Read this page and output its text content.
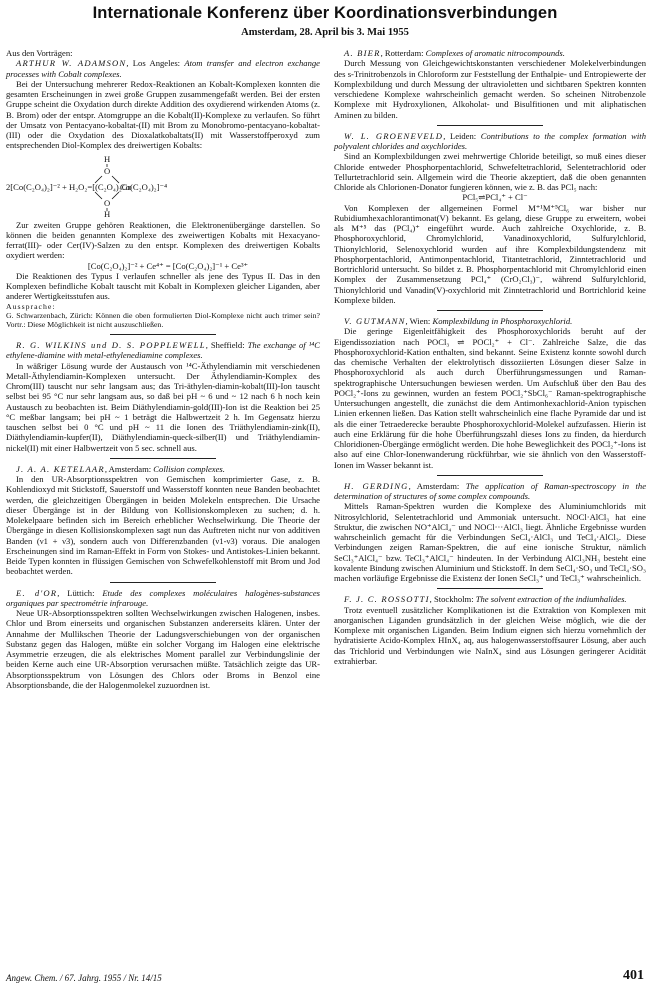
Internationale Konferenz über Koordinationsverbindungen
Amsterdam, 28. April bis 3. Mai 1955

Aus den Vorträgen:

ARTHUR W. ADAMSON, Los Angeles: Atom transfer and electron exchange processes with Cobalt complexes.

Bei der Untersuchung mehrerer Redox-Reaktionen an Kobalt-Komplexen konnten die gesamten Erscheinungen in zwei große Gruppen zusammengefaßt werden. Bei der ersten Gruppe scheint die Oxydation durch direkte Addition des oxydierend wirkenden Atoms (z. B. Brom) oder der entspr. Atomgruppe an die Kobalt(II)-Komplexe zu verlaufen. So führt der Umsatz von Pentacyano-kobaltat-(II) mit Brom zu Monobromo-pentacyano-kobaltat-(III) oder die Oxydation des Dioxalatkobaltats(II) mit Wasserstoffperoxyd zum entsprechenden Diol-Komplex des dreiwertigen Kobalts:

H
O
2[Co(C₂O₄)₂]⁻² + H₂O₂=[(C₂O₄)₂Co
Co(C₂O₄)₂]⁻⁴
O
H

Zur zweiten Gruppe gehören Reaktionen, die Elektronenübergänge darstellen. So können die beiden genannten Komplexe des zweiwertigen Kobalts mit Hexacyano-ferrat(III)- oder Cer(IV)-Salzen zu den entspr. Komplexen des dreiwertigen Kobalts oxydiert werden:

[Co(C₂O₄)₂]⁻² + Ce⁴⁺ = [Co(C₂O₄)₂]⁻¹ + Ce³⁺

Die Reaktionen des Typus I verlaufen schneller als jene des Typus II. Das in den Komplexen befindliche Kobalt tauscht mit Kobalt in Komplexen gleicher Liganden, aber anderer Wertigkeitsstufen aus.

Aussprache:

G. Schwarzenbach, Zürich: Können die oben formulierten Diol-Komplexe nicht auch trimer sein? Vortr.: Diese Möglichkeit ist nicht auszuschließen.

R. G. WILKINS und D. S. POPPLEWELL, Sheffield: The exchange of ¹⁴C ethylene-diamine with metal-ethylenediamine complexes.

In wäßriger Lösung wurde der Austausch von ¹⁴C-Äthylendiamin mit verschiedenen Metall-Äthylendiamin-Komplexen untersucht. Der Äthylendiamin-Komplex des Chrom(III) tauscht nur sehr langsam aus; das Tri-äthylen-diamin-kobalt(III)-Ion tauscht selbst bei 95 °C nur sehr langsam aus, so daß bei pH ~ 6 und ~ 12 nach 6 h noch kein Austausch zu beobachten ist. Beim Diäthylendiamin-gold(III)-Ion ist die Reaktion bei 25 °C meßbar langsam; bei pH ~ 1 beträgt die Halbwertzeit 2 h. Im Gegensatz hierzu tauschen selbst bei 0 °C und pH ~ 11 die Ionen des Triäthylendiamin-zink(II), Diäthylendiamin-kupfer(II), Diäthylendiamin-queck-silber(II) und Triäthylendiamin-nickel(II) mit einer Halbwertzeit von 5 sec. schnell aus.

J. A. A. KETELAAR, Amsterdam: Collision complexes.

In den UR-Absorptionsspektren von Gemischen komprimierter Gase, z. B. Kohlendioxyd mit Stickstoff, Sauerstoff und Wasserstoff konnten neue Banden beobachtet werden, die gleichzeitigen Übergängen in beiden Molekeln entsprechen. Die Ursache dieser Übergänge ist in der Bildung von Kollisionskomplexen zu suchen; d. h. Molekelpaare befinden sich im Bereich erheblicher Wechselwirkung. Die Theorie der Übergänge in diesen Kollisionskomplexen sagt nun das Auftreten nicht nur von additiven Banden (ν1 + ν3), sondern auch von Differenzbanden (ν1-ν3) voraus. Die analogen Erscheinungen sind im Raman-Effekt in Form von Stokes- und Antistokes-Linien bekannt. Beide Typen konnten in flüssigen Gemischen von Schwefelkohlenstoff mit Brom und Jod beobachtet werden.

E. d'OR, Lüttich: Etude des complexes moléculaires halogènes-substances organiques par spectrométrie infrarouge.

Neue UR-Absorptionsspektren sollten Wechselwirkungen zwischen Halogenen, insbes. Chlor und Brom einerseits und organischen Substanzen andererseits klären. Unter der Annahme der Mullikschen Theorie der Ladungsverschiebungen von der organischen Substanz gegen das Halogen, müßte ein solcher Vorgang im Halogen eine elektrische Asymmetrie erzeugen, die als elektrisches Moment parallel zur Verbindungslinie der beiden Kerne auch eine UR-Absorption verursachen müßte. Tatsächlich zeigte das UR-Absorptionsspektrum von Lösungen des Chlors oder Broms in Benzol eine Absorptionsbande, die der Halogenmolekel zuzuordnen ist.

A. BIER, Rotterdam: Complexes of aromatic nitrocompounds.

Durch Messung von Gleichgewichtskonstanten verschiedener Molekelverbindungen des s-Trinitrobenzols in Chloroform zur Feststellung der Enthalpie- und Entropiewerte der Komplexbildung und durch Messung der ultravioletten und sichtbaren Spektren konnten verschiedene Komplexe wahrscheinlich gemacht werden. So scheinen Nitrobenzole Komplexe mit Hydroxylionen, Alkoholat- und Bisulfitionen und mit aliphatischen Aminen zu bilden.

W. L. GROENEVELD, Leiden: Contributions to the complex formation with polyvalent chlorides and oxychlorides.

Sind an Komplexbildungen zwei mehrwertige Chloride beteiligt, so muß eines dieser Chloride entweder Phosphorpentachlorid, Schwefeltetrachlorid, Selentetrachlorid oder Tellurtetrachlorid sein. Allgemein wird die Theorie akzeptiert, daß die oben genannten Chloride als Chlorionen-Donator fungieren können, wie z. B. das PCl₅ nach:

PCl₅⇌PCl₄⁺ + Cl⁻

Von Komplexen der allgemeinen Formel M⁺¹M⁺⁵Cl₆ war bisher nur Rubidiumhexachlorantimonat(V) bekannt. Es gelang, diese Gruppe zu erweitern, wobei als M⁺⁵ das (PCl₄)⁺ eingeführt wurde. Auch zahlreiche Oxychloride, z. B. Phosphoroxychlorid, Chromylchlorid, Vanadinoxychlorid, Sulfurylchlorid, Thionylchlorid, Selenoxychlorid wurden auf ihre Komplexbildungstendenz mit Phosphorpentachlorid, Antimonpentachlorid, Titantetrachlorid, Zinntetrachlorid und Bortrichlorid untersucht. So bildet z. B. Phosphorpentachlorid mit Chromylchlorid einen Komplex der Zusammensetzung PCl₄⁺ (CrO₂Cl₃)⁻, während Sulfurylchlorid, Thionylchlorid und Vanadin(V)-oxychlorid mit Zinntetrachlorid und Bortrichlorid keine Komplexe bilden.

V. GUTMANN, Wien: Komplexbildung in Phosphoroxychlorid.

Die geringe Eigenleitfähigkeit des Phosphoroxychlorids beruht auf der Eigendissoziation nach POCl₃ ⇌ POCl₂⁺ + Cl⁻. Zahlreiche Salze, die das Phosphoroxychlorid-Kation enthalten, sind bekannt. Seine Existenz konnte sowohl durch das chemische Verhalten der elektrolytisch dissoziierten Lösungen dieser Salze in Phosphoroxychlorid als auch durch Überführungsmessungen und Raman-spektrographische Untersuchungen bewiesen werden. Um Aufschluß über den Bau des POCl₂⁺-Ions zu gewinnen, wurden an festem POCl₂⁺SbCl₆⁻ Raman-spektrographische Untersuchungen angestellt, die zunächst die dem Antimonhexachlorid-Anion typischen Linien erkennen ließen. Das Kation stellt wahrscheinlich eine flache Pyramide dar und ist als die einer Tetraederecke beraubte Phosphoroxychlorid-Molekel aufzufassen. Hierin ist auch eine Erklärung für die hohe Überführungszahl dieses Ions zu finden, da hierdurch Chloridionen-Übergänge ermöglicht werden. Die hohe Beweglichkeit des POCl₂⁺-Ions ist also auf eine Chlor-Ionenwanderung rückführbar, wie sie ähnlich von den Wasserstoff-Ionen im Wasser bekannt ist.

H. GERDING, Amsterdam: The application of Raman-spectroscopy in the determination of structures of some complex compounds.

Mittels Raman-Spektren wurden die Komplexe des Aluminiumchlorids mit Nitrosylchlorid, Selentetrachlorid und Ammoniak untersucht. NOCl·AlCl₃ hat eine Struktur, die zwischen NO⁺AlCl₄⁻ und NOCl···AlCl₃ liegt. Ähnliche Ergebnisse wurden wahrscheinlich gemacht für die Verbindungen SeCl₄·AlCl₃ und TeCl₄·AlCl₃. Diese Verbindungen zeigen Raman-Spektren, die auf eine ionische Struktur, nämlich SeCl₃⁺AlCl₄⁻ bzw. TeCl₃⁺AlCl₄⁻ hindeuten. In der Verbindung AlCl₃NH₃ besteht eine kovalente Bindung zwischen Aluminium und Stickstoff. In dem SeCl₄·SO₃ und TeCl₄·SO₃ machen vorläufige Ergebnisse die Existenz der Ionen SeCl₃⁺ und TeCl₃⁺ wahrscheinlich.

F. J. C. ROSSOTTI, Stockholm: The solvent extraction of the indiumhalides.

Trotz eventuell zusätzlicher Komplikationen ist die Extraktion von Komplexen mit anorganischen Liganden grundsätzlich in der gleichen Weise möglich, wie die der Komplexe mit organischen Liganden. Beim Indium eignen sich hierzu vornehmlich der hydratisierte Acido-Komplex HInX₄ aq, aus halogenwasserstoffsaurer Lösung, aber auch das Trichlorid und Verbindungen wie NaInX₄ sind aus Lösungen geringerer Acidität extrahierbar.

Angew. Chem. / 67. Jahrg. 1955 / Nr. 14/15	401
